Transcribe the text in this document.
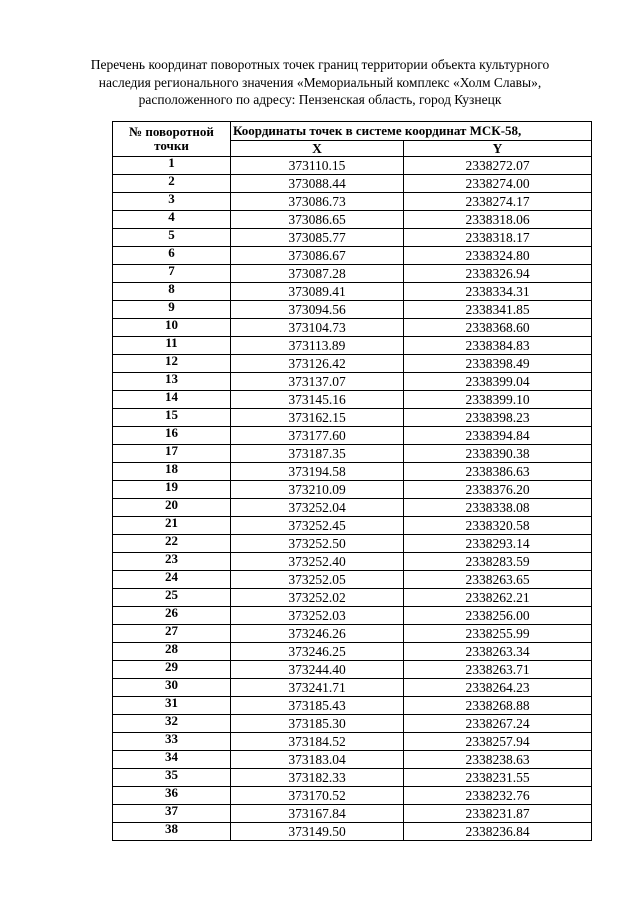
Перечень координат поворотных точек границ территории объекта культурного
наследия регионального значения «Мемориальный комплекс «Холм Славы»,
расположенного по адресу: Пензенская область, город Кузнецк
№ поворотной
точки	Координаты точек в системе координат МСК-58,	
	X	Y
1	373110.15	2338272.07
2	373088.44	2338274.00
3	373086.73	2338274.17
4	373086.65	2338318.06
5	373085.77	2338318.17
6	373086.67	2338324.80
7	373087.28	2338326.94
8	373089.41	2338334.31
9	373094.56	2338341.85
10	373104.73	2338368.60
11	373113.89	2338384.83
12	373126.42	2338398.49
13	373137.07	2338399.04
14	373145.16	2338399.10
15	373162.15	2338398.23
16	373177.60	2338394.84
17	373187.35	2338390.38
18	373194.58	2338386.63
19	373210.09	2338376.20
20	373252.04	2338338.08
21	373252.45	2338320.58
22	373252.50	2338293.14
23	373252.40	2338283.59
24	373252.05	2338263.65
25	373252.02	2338262.21
26	373252.03	2338256.00
27	373246.26	2338255.99
28	373246.25	2338263.34
29	373244.40	2338263.71
30	373241.71	2338264.23
31	373185.43	2338268.88
32	373185.30	2338267.24
33	373184.52	2338257.94
34	373183.04	2338238.63
35	373182.33	2338231.55
36	373170.52	2338232.76
37	373167.84	2338231.87
38	373149.50	2338236.84
